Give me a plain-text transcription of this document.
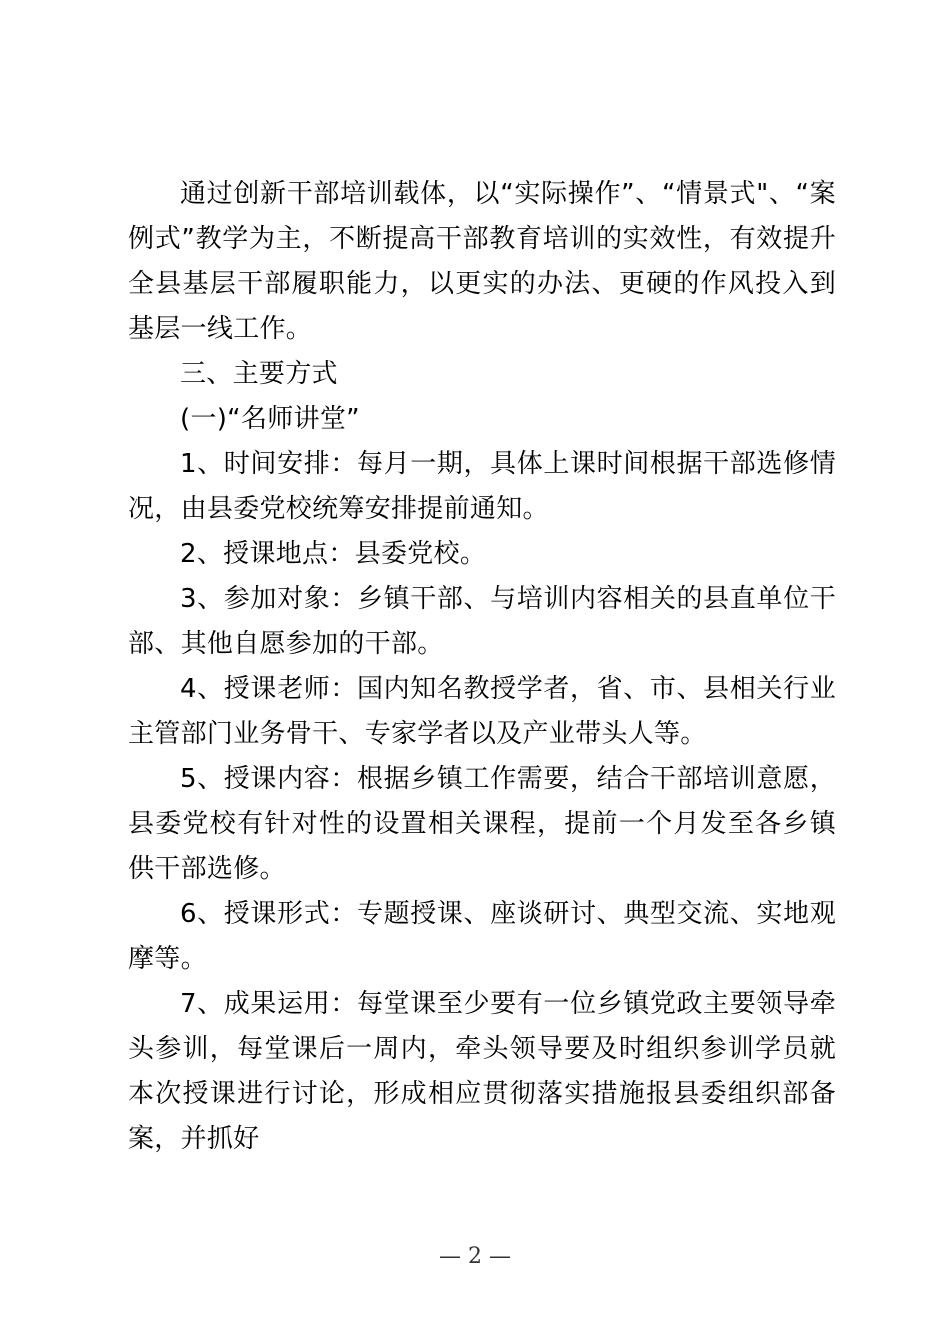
通过创新干部培训载体，以“实际操作”、“情景式"、“案例式”教学为主，不断提高干部教育培训的实效性，有效提升全县基层干部履职能力，以更实的办法、更硬的作风投入到基层一线工作。

三、主要方式

(一)“名师讲堂”

1、时间安排：每月一期，具体上课时间根据干部选修情况，由县委党校统筹安排提前通知。

2、授课地点：县委党校。

3、参加对象：乡镇干部、与培训内容相关的县直单位干部、其他自愿参加的干部。

4、授课老师：国内知名教授学者，省、市、县相关行业主管部门业务骨干、专家学者以及产业带头人等。

5、授课内容：根据乡镇工作需要，结合干部培训意愿，县委党校有针对性的设置相关课程，提前一个月发至各乡镇供干部选修。

6、授课形式：专题授课、座谈研讨、典型交流、实地观摩等。

7、成果运用：每堂课至少要有一位乡镇党政主要领导牵头参训，每堂课后一周内，牵头领导要及时组织参训学员就本次授课进行讨论，形成相应贯彻落实措施报县委组织部备案，并抓好

— 2 —
